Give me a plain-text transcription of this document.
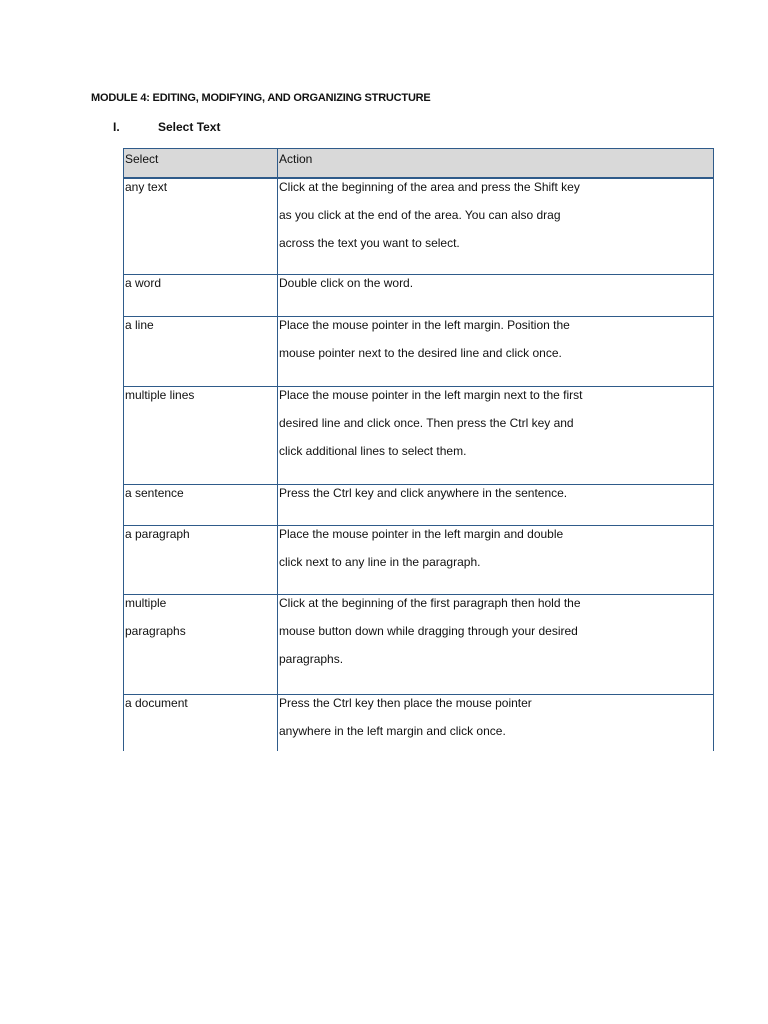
MODULE 4: EDITING, MODIFYING, AND ORGANIZING STRUCTURE
I.	Select Text
Select	Action

any text	Click at the beginning of the area and press the Shift key
as you click at the end of the area. You can also drag
across the text you want to select.

a word	Double click on the word.

a line	Place the mouse pointer in the left margin. Position the
mouse pointer next to the desired line and click once.

multiple lines	Place the mouse pointer in the left margin next to the first
desired line and click once. Then press the Ctrl key and
click additional lines to select them.

a sentence	Press the Ctrl key and click anywhere in the sentence.

a paragraph	Place the mouse pointer in the left margin and double
click next to any line in the paragraph.

multiple
paragraphs	Click at the beginning of the first paragraph then hold the
mouse button down while dragging through your desired
paragraphs.

a document	Press the Ctrl key then place the mouse pointer
anywhere in the left margin and click once.
